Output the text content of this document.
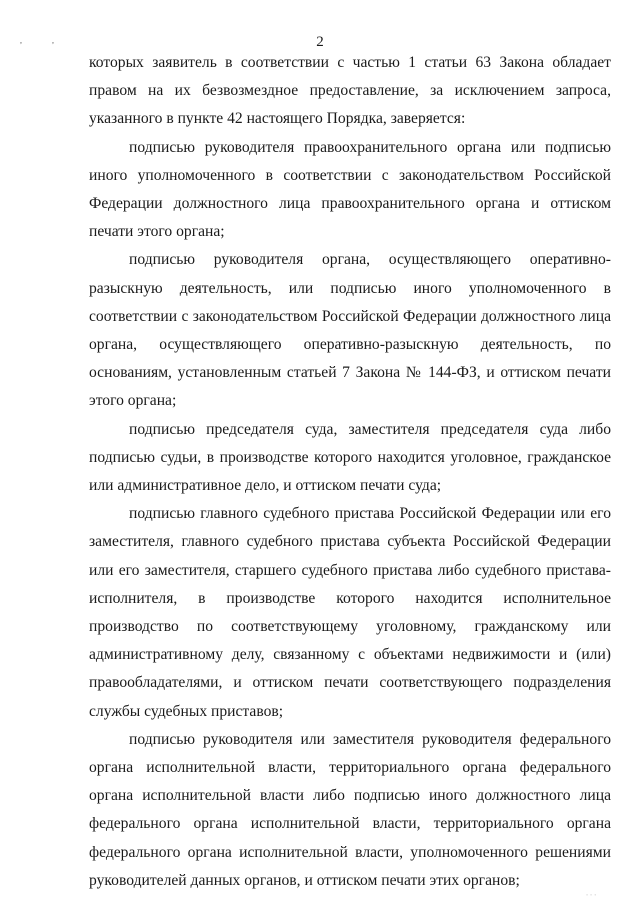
,	,	2

которых заявитель в соответствии с частью 1 статьи 63 Закона обладает правом на их безвозмездное предоставление, за исключением запроса, указанного в пункте 42 настоящего Порядка, заверяется:

подписью руководителя правоохранительного органа или подписью иного уполномоченного в соответствии с законодательством Российской Федерации должностного лица правоохранительного органа и оттиском печати этого органа;

подписью руководителя органа, осуществляющего оперативно-разыскную деятельность, или подписью иного уполномоченного в соответствии с законодательством Российской Федерации должностного лица органа, осуществляющего оперативно-разыскную деятельность, по основаниям, установленным статьей 7 Закона № 144-ФЗ, и оттиском печати этого органа;

подписью председателя суда, заместителя председателя суда либо подписью судьи, в производстве которого находится уголовное, гражданское или административное дело, и оттиском печати суда;

подписью главного судебного пристава Российской Федерации или его заместителя, главного судебного пристава субъекта Российской Федерации или его заместителя, старшего судебного пристава либо судебного пристава-исполнителя, в производстве которого находится исполнительное производство по соответствующему уголовному, гражданскому или административному делу, связанному с объектами недвижимости и (или) правообладателями, и оттиском печати соответствующего подразделения службы судебных приставов;

подписью руководителя или заместителя руководителя федерального органа исполнительной власти, территориального органа федерального органа исполнительной власти либо подписью иного должностного лица федерального органа исполнительной власти, территориального органа федерального органа исполнительной власти, уполномоченного решениями руководителей данных органов, и оттиском печати этих органов;

⋅⋅⋅
